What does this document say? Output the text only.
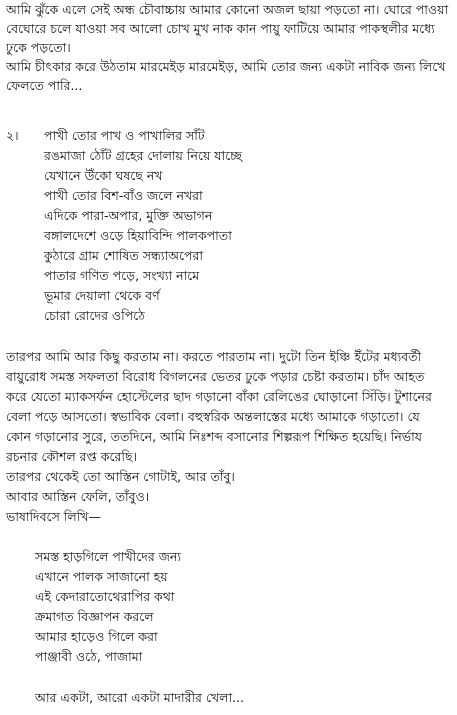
আমি ঝুঁকে এলে সেই অন্ধ চৌবাচ্চায় আমার কোনো অজল ছায়া পড়তো না। ঘোরে পাওয়া
বেঘোরে চলে যাওয়া সব আলো চোখ মুখ নাক কান পায়ু ফাটিয়ে আমার পাকস্থলীর মধ্যে
ঢুকে পড়তো।
আমি চীৎকার করে উঠতাম মারমেইড় মারমেইড়, আমি তোর জন্য একটা নাবিক জন্য লিখে
ফেলতে পারি...
২। পাখী তোর পাখ ও পাখালির সাঁট
রঙমাজা ঠোঁট গ্রহের দোলায় নিয়ে যাচ্ছে
যেখানে উঁকো ঘষছে নখ
পাখী তোর বিশ-বাঁও জলে নখরা
এদিকে পারা-অপার, মুক্তি অভাগন
বঙ্গালদেশে ওড়ে হিয়াবিন্দি পালকপাতা
কুঠারে গ্রাম শোষিত সন্ধ্যাঅপেরা
পাতার গণিত পড়ে, সংখ্যা নামে
ভূমার দেয়ালা থেকে বর্ণ
চোরা রোদের ওপিঠে
তারপর আমি আর কিছু করতাম না। করতে পারতাম না। দুটো তিন ইঞ্চি ইঁটের মধ্যবর্তী
বায়ুরোধ সমস্ত সফলতা বিরোধ বিগলনের ভেতর ঢুকে পড়ার চেষ্টা করতাম। চাঁদ আহত
করে যেতো ম্যাকসর্ফন হোস্টেলের ছাদ গড়ানো বাঁকা রেলিঙের ঘোড়ানো সিঁড়ি। টুশানের
বেলা পড়ে আসতো। স্বভাবিক বেলা। বহুস্বরিক অন্তলাস্তের মধ্যে আমাকে গড়াতো। যে
কোন গড়ানোর সুরে, ততদিনে, আমি নিঃশব্দ বসানোর শিল্পরূপ শিক্ষিত হয়েছি। নির্ভায
রচনার কৌশল রপ্ত করেছি।
তারপর থেকেই তো আস্তিন গোটাই, আর তাঁবু।
আবার আস্তিন ফেলি, তাঁবুও।
ভাষাদিবসে লিখি—
সমস্ত হাড়গিলে পাখীদের জন্য
এখানে পালক সাজানো হয়
এই কেদারাতোথেরাপির কথা
ক্রমাগত বিজ্ঞাপন করলে
আমার হাড়েও গিলে করা
পাঞ্জাবী ওঠে, পাজামা
আর একটা, আরো একটা মাদারীর খেলা...
